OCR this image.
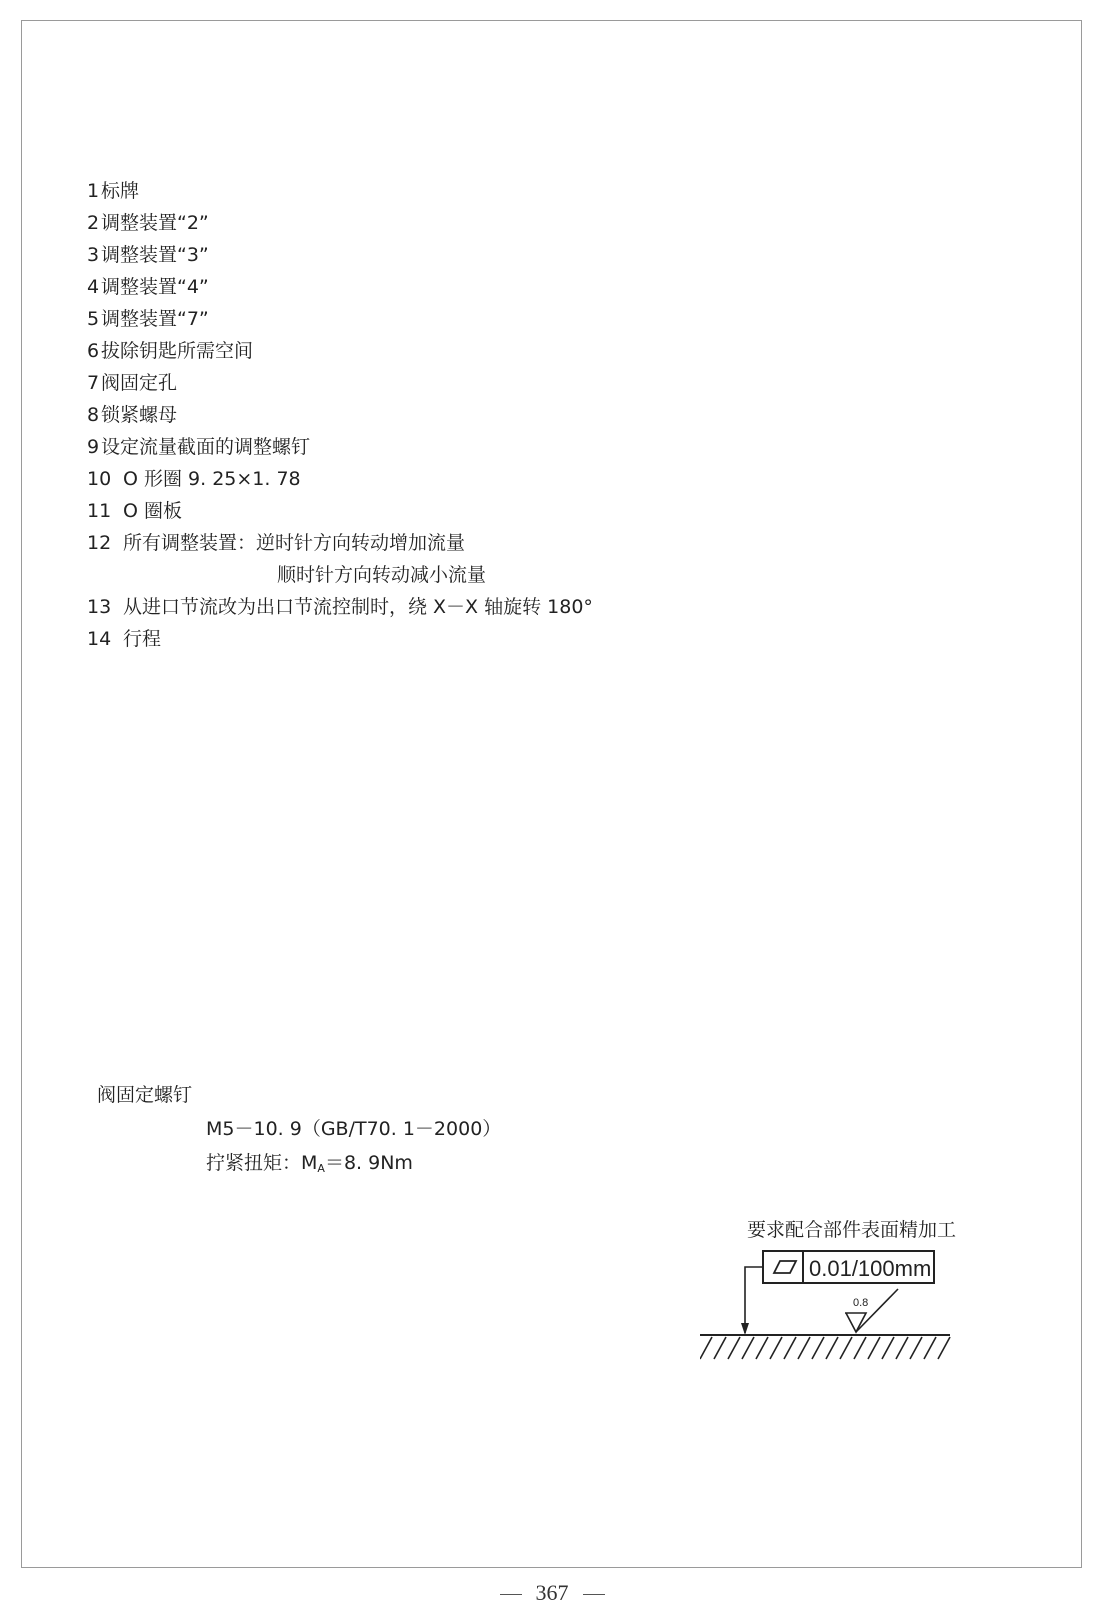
1 标牌
2 调整装置“2”
3 调整装置“3”
4 调整装置“4”
5 调整装置“7”
6 拔除钥匙所需空间
7 阀固定孔
8 锁紧螺母
9 设定流量截面的调整螺钉
10 O 形圈 9. 25×1. 78
11 O 圈板
12 所有调整装置：逆时针方向转动增加流量
顺时针方向转动减小流量
13 从进口节流改为出口节流控制时，绕 X－X 轴旋转 180°
14 行程
阀固定螺钉
M5－10. 9（GB/T70. 1－2000）
拧紧扭矩：$M_A=8$. 9Nm
要求配合部件表面精加工
0.01/100mm
0.8
367
